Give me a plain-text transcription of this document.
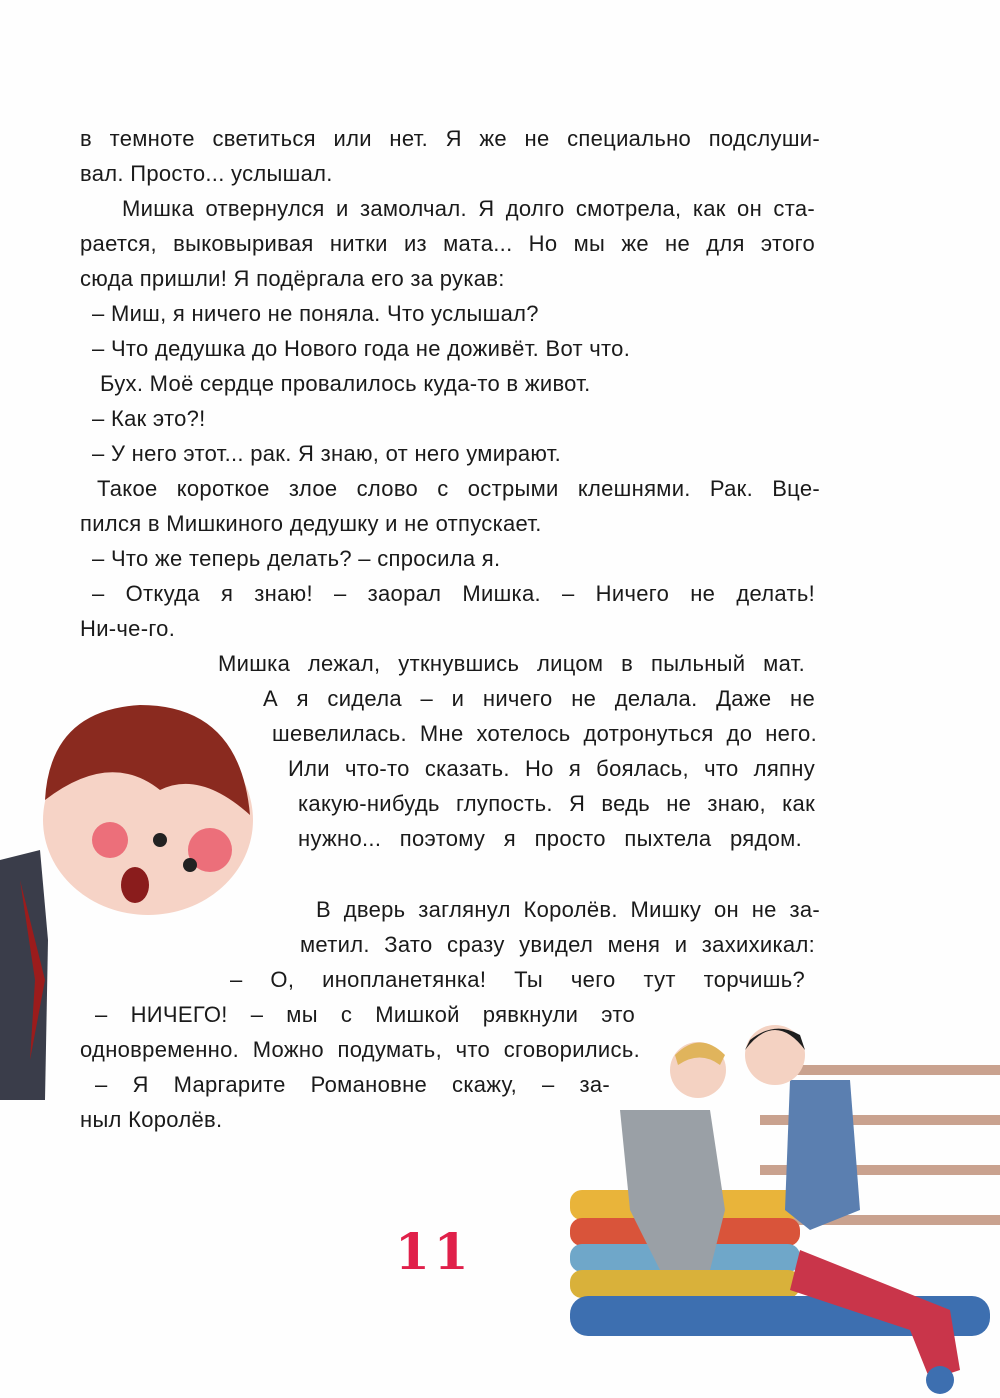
в темноте светиться или нет. Я же не специально подслуши-
вал. Просто... услышал.
Мишка отвернулся и замолчал. Я долго смотрела, как он ста-
рается, выковыривая нитки из мата... Но мы же не для этого
сюда пришли! Я подёргала его за рукав:
– Миш, я ничего не поняла. Что услышал?
– Что дедушка до Нового года не доживёт. Вот что.
Бух. Моё сердце провалилось куда-то в живот.
– Как это?!
– У него этот... рак. Я знаю, от него умирают.
Такое короткое злое слово с острыми клешнями. Рак. Вце-
пился в Мишкиного дедушку и не отпускает.
– Что же теперь делать? – спросила я.
– Откуда я знаю! – заорал Мишка. – Ничего не делать!
Ни-че-го.
Мишка лежал, уткнувшись лицом в пыльный мат.
А я сидела – и ничего не делала. Даже не
шевелилась. Мне хотелось дотронуться до него.
Или что-то сказать. Но я боялась, что ляпну
какую-нибудь глупость. Я ведь не знаю, как
нужно... поэтому я просто пыхтела рядом.
В дверь заглянул Королёв. Мишку он не за-
метил. Зато сразу увидел меня и захихикал:
– О, инопланетянка! Ты чего тут торчишь?
– НИЧЕГО! – мы с Мишкой рявкнули это
одновременно. Можно подумать, что сговорились.
– Я Маргарите Романовне скажу, – за-
ныл Королёв.
11
